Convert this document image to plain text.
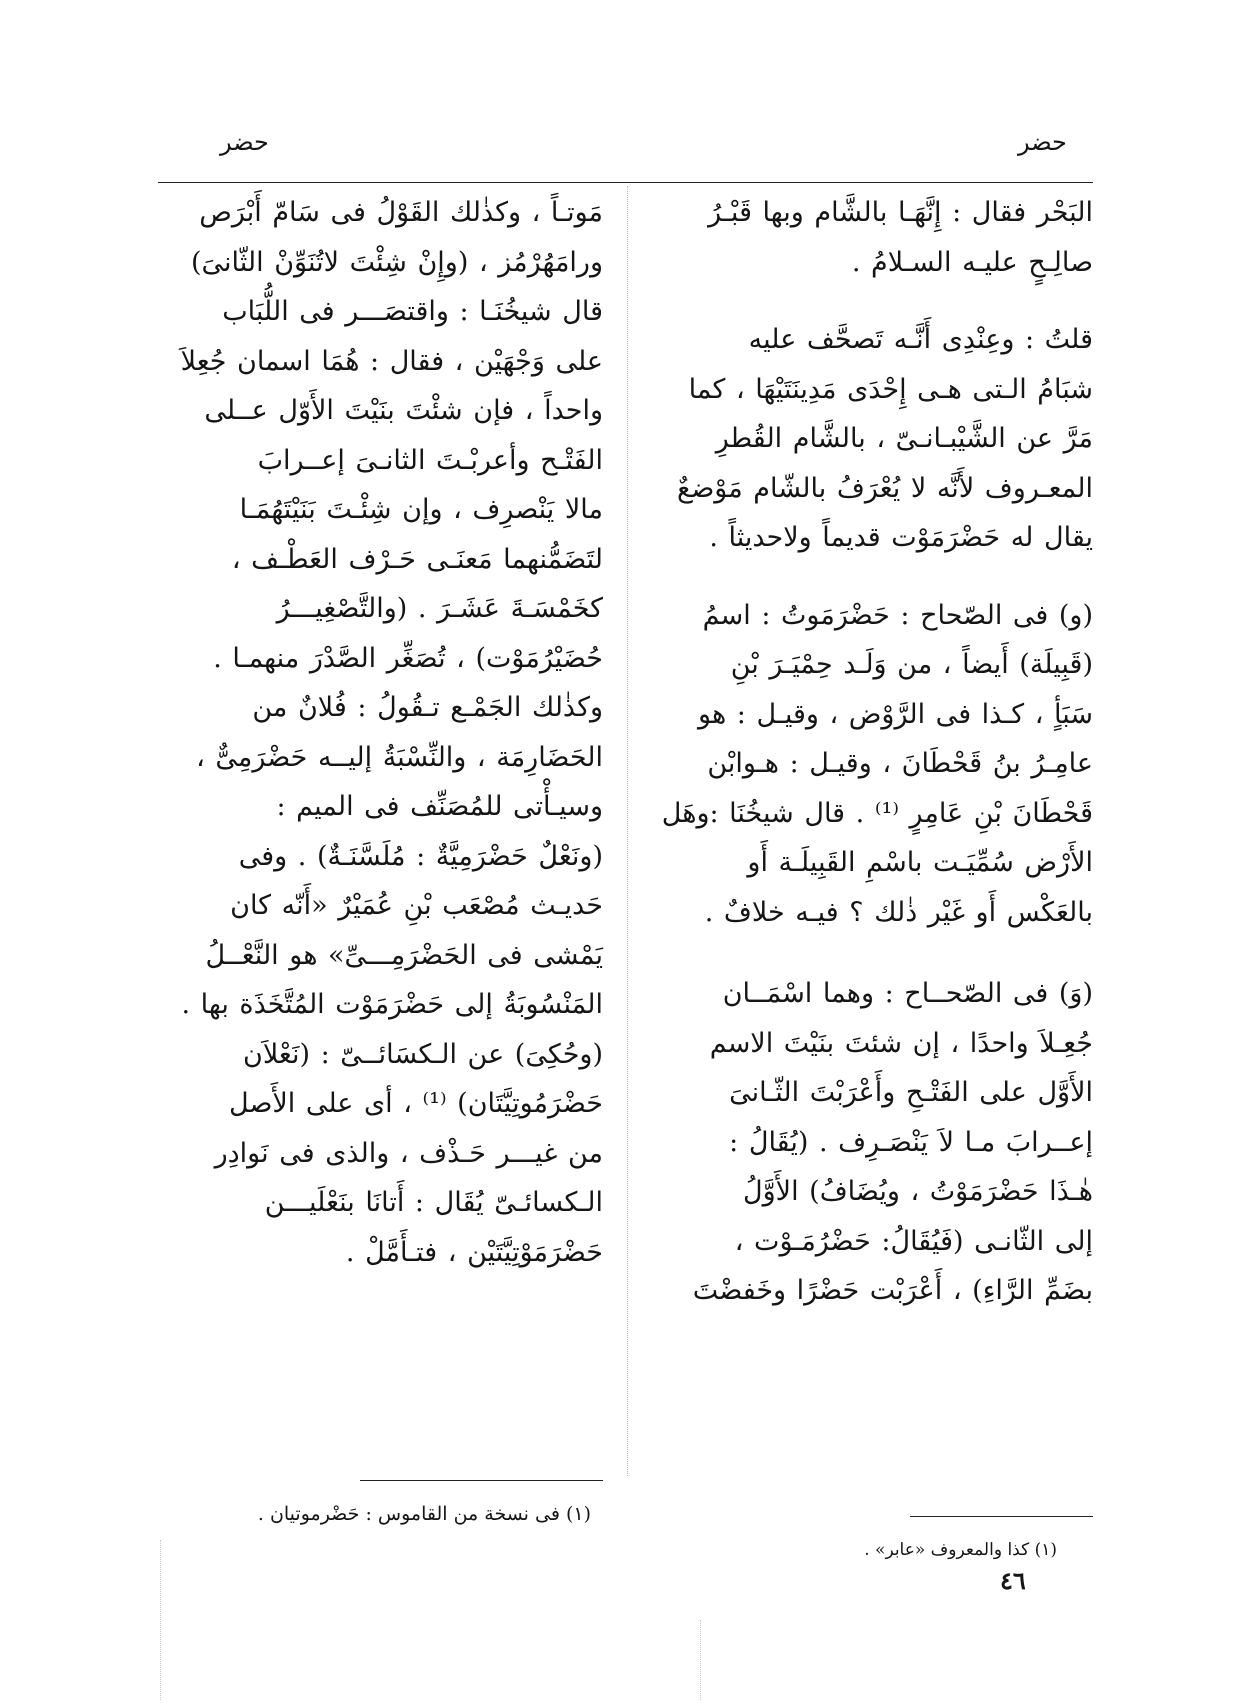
حضر	حضر

البَحْر فقال : إِنَّهَـا بالشَّام وبها قَبْـرُ

صالِـحٍ عليـه السـلامُ .

قلتُ : وعِنْدِى أَنَّـه تَصحَّف عليه

شبَامُ الـتى هـى إِحْدَى مَدِينَتَيْهَا ، كما

مَرَّ عن الشَّيْبـانـىّ ، بالشَّام القُطرِ

المعـروف لأَنَّه لا يُعْرَفُ بالشّام مَوْضعٌ

يقال له حَضْرَمَوْت قديماً ولاحديثاً .

(و) فى الصّحاح : حَضْرَمَوتُ : اسمُ

(قَبِيلَة) أَيضاً ، من وَلَـد حِمْيَـرَ بْنِ

سَبَأٍ ، كـذا فى الرَّوْض ، وقيـل : هو

عامِـرُ بنُ قَحْطَانَ ، وقيـل : هـوابْن

قَحْطَانَ بْنِ عَامِرٍ ⁽¹⁾ . قال شيخُنَا :وهَل

الأَرْض سُمِّيَـت باسْمِ القَبِيلَـة أَو

بالعَكْس أَو غَيْر ذٰلك ؟ فيـه خلافٌ .

(وَ) فى الصّحــاح : وهما اسْمَــان

جُعِـلاَ واحدًا ، إن شئتَ بنَيْتَ الاسم

الأَوَّل على الفَتْـحِ وأَعْرَبْتَ الثّـانىَ

إعــرابَ مـا لاَ يَنْصَـرِف . (يُقَالُ :

هٰـذَا حَضْرَمَوْتُ ، ويُضَافُ) الأَوَّلُ

إلى الثّانـى (فَيُقَالُ: حَضْرُمَـوْت ،

بضَمِّ الرَّاءِ) ، أَعْرَبْت حَضْرًا وخَفضْتَ

مَوتـاً ، وكذٰلك القَوْلُ فى سَامّ أَبْرَص

ورامَهُرْمُز ، (وإِنْ شِئْتَ لاتُنَوِّنْ الثّانىَ)

قال شيخُنَـا : واقتصَـــر فى اللُّبَاب

على وَجْهَيْن ، فقال : هُمَا اسمان جُعِلاَ

واحداً ، فإن شئْتَ بنَيْتَ الأَوّل عــلى

الفَتْـح وأعربْـتَ الثانـىَ إعــرابَ

مالا يَنْصرِف ، وإن شِئْـتَ بَنَيْتَهُمَـا

لتَضَمُّنهما مَعنَـى حَـرْف العَطْـف ،

كخَمْسَـةَ عَشَـرَ . (والتَّصْغِيـــرُ

حُضَيْرُمَوْت) ، تُصَغِّر الصَّدْرَ منهمـا .

وكذٰلك الجَمْـع تـقُولُ : فُلانٌ من

الحَضَارِمَة ، والنِّسْبَةُ إليــه حَضْرَمِىٌّ ،

وسيـأْتى للمُصَنِّف فى الميم :

(ونَعْلٌ حَضْرَمِيَّةٌ : مُلَسَّنَـةٌ) . وفى

حَديـث مُصْعَب بْنِ عُمَيْرٌ «أَنّه كان

يَمْشى فى الحَضْرَمِـــىِّ» هو النَّعْــلُ

المَنْسُوبَةُ إلى حَضْرَمَوْت المُتَّخَذَة بها .

(وحُكِىَ) عن الـكسَائــىّ : (نَعْلاَن

حَضْرَمُوتِيَّتَان) ⁽¹⁾ ، أى على الأَصل

من غيـــر حَـذْف ، والذى فى نَوادِر

الـكسائـىّ يُقَال : أَتانَا بنَعْلَيـــن

حَضْرَمَوْتِيَّتَيْن ، فتـأَمَّلْ .

(١) فى نسخة من القاموس : حَضْرموتيان .
(١) كذا والمعروف «عابر» .
٤٦
